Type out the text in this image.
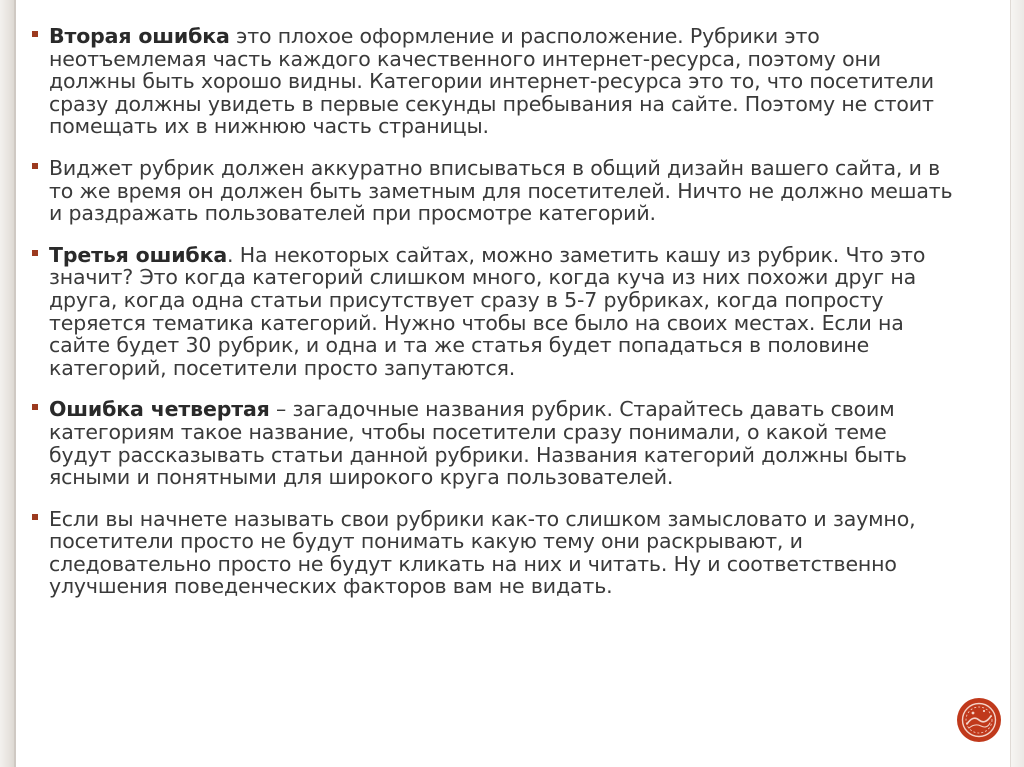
Вторая ошибка это плохое оформление и расположение. Рубрики это неотъемлемая часть каждого качественного интернет-ресурса, поэтому они должны быть хорошо видны. Категории интернет-ресурса это то, что посетители сразу должны увидеть в первые секунды пребывания на сайте. Поэтому не стоит помещать их в нижнюю часть страницы.
Виджет рубрик должен аккуратно вписываться в общий дизайн вашего сайта, и в то же время он должен быть заметным для посетителей. Ничто не должно мешать и раздражать пользователей при просмотре категорий.
Третья ошибка. На некоторых сайтах, можно заметить кашу из рубрик. Что это значит? Это когда категорий слишком много, когда куча из них похожи друг на друга, когда одна статьи присутствует сразу в 5-7 рубриках, когда попросту теряется тематика категорий. Нужно чтобы все было на своих местах. Если на сайте будет 30 рубрик, и одна и та же статья будет попадаться в половине категорий, посетители просто запутаются.
Ошибка четвертая – загадочные названия рубрик. Старайтесь давать своим категориям такое название, чтобы посетители сразу понимали, о какой теме будут рассказывать статьи данной рубрики. Названия категорий должны быть ясными и понятными для широкого круга пользователей.
Если вы начнете называть свои рубрики как-то слишком замысловато и заумно, посетители просто не будут понимать какую тему они раскрывают, и следовательно просто не будут кликать на них и читать. Ну и соответственно улучшения поведенческих факторов вам не видать.
